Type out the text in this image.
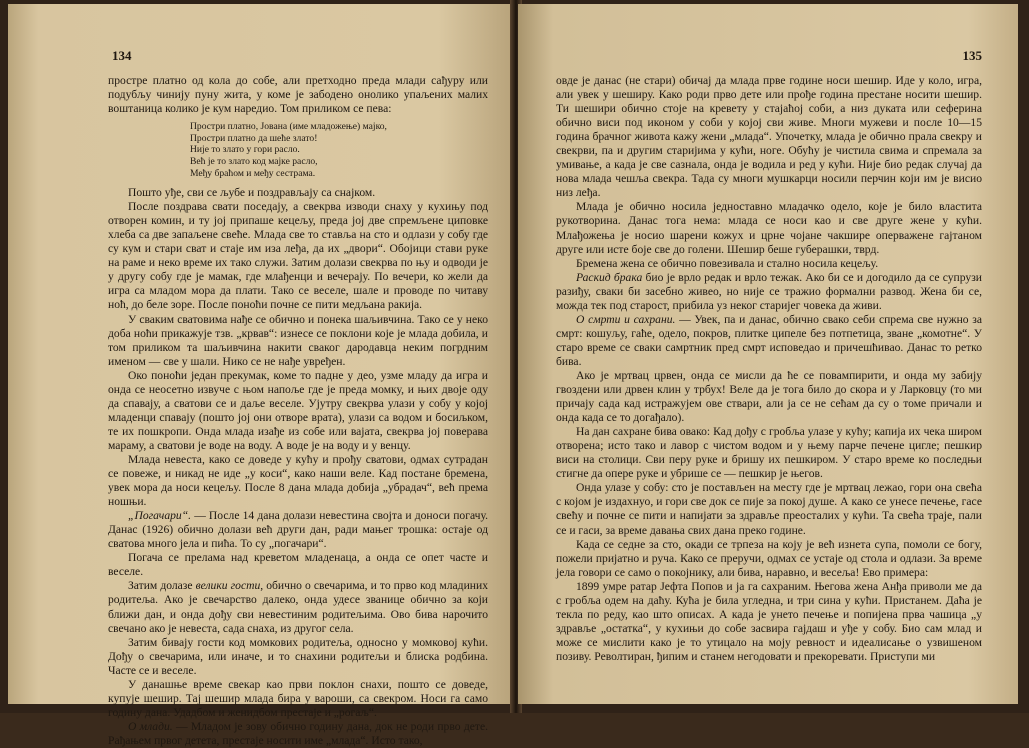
134

простре платно од кола до собе, али претходно преда млади сађуру или подубљу чинију пуну жита, у коме је забодено онолико упаљених малих воштаница колико је кум наредио. Том приликом се пева:

Простри платно, Јована (име младожење) мајко,
Простри платно да шеће злато!
Није то злато у гори расло.
Већ је то злато код мајке расло,
Међу браћом и међу сестрама.

Пошто уђе, сви се љубе и поздрављају са снајком.

После поздрава свати поседају, а свекрва изводи снаху у кухињу под отворен комин, и ту јој припаше кецељу, преда јој две спремљене циповке хлеба са две запаљене свеће. Млада све то ставља на сто и одлази у собу где су кум и стари сват и стаје им иза леђа, да их „двори“. Обојици стави руке на раме и неко време их тако служи. Затим долази свекрва по њу и одводи је у другу собу где је мамак, где млађенци и вечерају. По вечери, ко жели да игра са младом мора да плати. Тако се веселе, шале и проводе по читаву ноћ, до беле зоре. После поноћи почне се пити медљана ракија.

У сваким сватовима нађе се обично и понека шаљивчина. Тако се у неко доба ноћи прикажује тзв. „крвав“: изнесе се поклони које је млада добила, и том приликом та шаљивчина накити сваког дародавца неким погрдним именом — све у шали. Нико се не нађе увређен.

Око поноћи један прекумак, коме то падне у део, узме младу да игра и онда се неосетно извуче с њом напоље где је преда момку, и њих двоје оду да спавају, а сватови се и даље веселе. Ујутру свекрва улази у собу у којој младенци спавају (пошто јој они отворе врата), улази са водом и босиљком, те их пошкропи. Онда млада изађе из собе или вајата, свекрва јој поверава мараму, а сватови је воде на воду. А воде је на воду и у венцу.

Млада невеста, како се доведе у кућу и прођу сватови, одмах сутрадан се повеже, и никад не иде „у коси“, како наши веле. Кад постане бремена, увек мора да носи кецељу. После 8 дана млада добија „убрадач“, већ према ношњи.

„Погачари“. — После 14 дана долази невестина својта и доноси погачу. Данас (1926) обично долази већ други дан, ради мањег трошка: остаје од сватова много јела и пића. То су „погачари“.

Погача се прелама над креветом младенаца, а онда се опет часте и веселе.

Затим долазе велики гости, обично о свечарима, и то прво код младиних родитеља. Ако је свечарство далеко, онда удесе званице обично за који ближи дан, и онда дођу сви невестиним родитељима. Ово бива нарочито свечано ако је невеста, сада снаха, из другог села.

Затим бивају гости код момкових родитеља, односно у момковој кући. Дођу о свечарима, или иначе, и то снахини родитељи и блиска родбина. Часте се и веселе.

У данашње време свекар као први поклон снахи, пошто се доведе, купује шешир. Тај шешир млада бира у вароши, са свекром. Носи га само годину дана. Удадбом и женидбом престаје и „рогаљ“.

О млади. — Младом је зову обично годину дана, док не роди прво дете. Рађањем првог детета, престаје носити име „млада“. Исто тако,

135

овде је данас (не стари) обичај да млада прве године носи шешир. Иде у коло, игра, али увек у шеширу. Како роди прво дете или прође година престане носити шешир. Ти шешири обично стоје на кревету у стајаћој соби, а низ дуката или сеферина обично виси под иконом у соби у којој сви живе. Многи мужеви и после 10—15 година брачног живота кажу жени „млада“. Упочетку, млада је обично прала свекру и свекрви, па и другим старијима у кући, ноге. Обућу је чистила свима и спремала за умивање, а када је све сазнала, онда је водила и ред у кући. Није био редак случај да нова млада чешља свекра. Тада су многи мушкарци носили перчин који им је висио низ леђа.

Млада је обично носила једноставно младачко одело, које је било властита рукотворина. Данас тога нема: млада се носи као и све друге жене у кући. Млађожења је носио шарени кожух и црне чојане чакшире оперважене гајтаном друге или исте боје све до голени. Шешир беше губерашки, тврд.

Бремена жена се обично повезивала и стално носила кецељу.

Раскид брака био је врло редак и врло тежак. Ако би се и догодило да се супрузи разиђу, сваки би засебно живео, но није се тражио формални развод. Жена би се, можда тек под старост, прибила уз неког старијег човека да живи.

О смрти и сахрани. — Увек, па и данас, обично свако себи спрема све нужно за смрт: кошуљу, гаће, одело, покров, плитке ципеле без потпетица, зване „комотне“. У старо време се сваки самртник пред смрт исповедао и причешћивао. Данас то ретко бива.

Ако је мртвац црвен, онда се мисли да ће се повампирити, и онда му забију гвоздени или дрвен клин у трбух! Веле да је тога било до скора и у Ларковцу (то ми причају сада кад истражујем ове ствари, али ја се не сећам да су о томе причали и онда када се то догађало).

На дан сахране бива овако: Кад дођу с гробља улазе у кућу; капија их чека широм отворена; исто тако и лавор с чистом водом и у њему парче печене цигле; пешкир виси на столици. Сви перу руке и бришу их пешкиром. У старо време ко последњи стигне да опере руке и убрише се — пешкир је његов.

Онда улазе у собу: сто је постављен на месту где је мртвац лежао, гори она свећа с којом је издахнуо, и гори све док се пије за покој душе. А како се унесе печење, гасе свећу и почне се пити и напијати за здравље преосталих у кући. Та свећа траје, пали се и гаси, за време давања свих дана преко године.

Када се седне за сто, окади се трпеза на коју је већ изнета супа, помоли се богу, пожели пријатно и руча. Како се преручи, одмах се устаје од стола и одлази. За време јела говори се само о покојнику, али бива, наравно, и весеља! Ево примера:

1899 умре ратар Јефта Попов и ја га сахраним. Његова жена Анђа приволи ме да с гробља одем на даћу. Кућа је била угледна, и три сина у кући. Пристанем. Даћа је текла по реду, као што описах. А када је унето печење и попијена прва чашица „у здравље „остатка“, у кухињи до собе засвира гајдаш и уђе у собу. Био сам млад и може се мислити како је то утицало на моју ревност и идеалисање о узвишеном позиву. Револтиран, ђипим и станем негодовати и прекоревати. Приступи ми
